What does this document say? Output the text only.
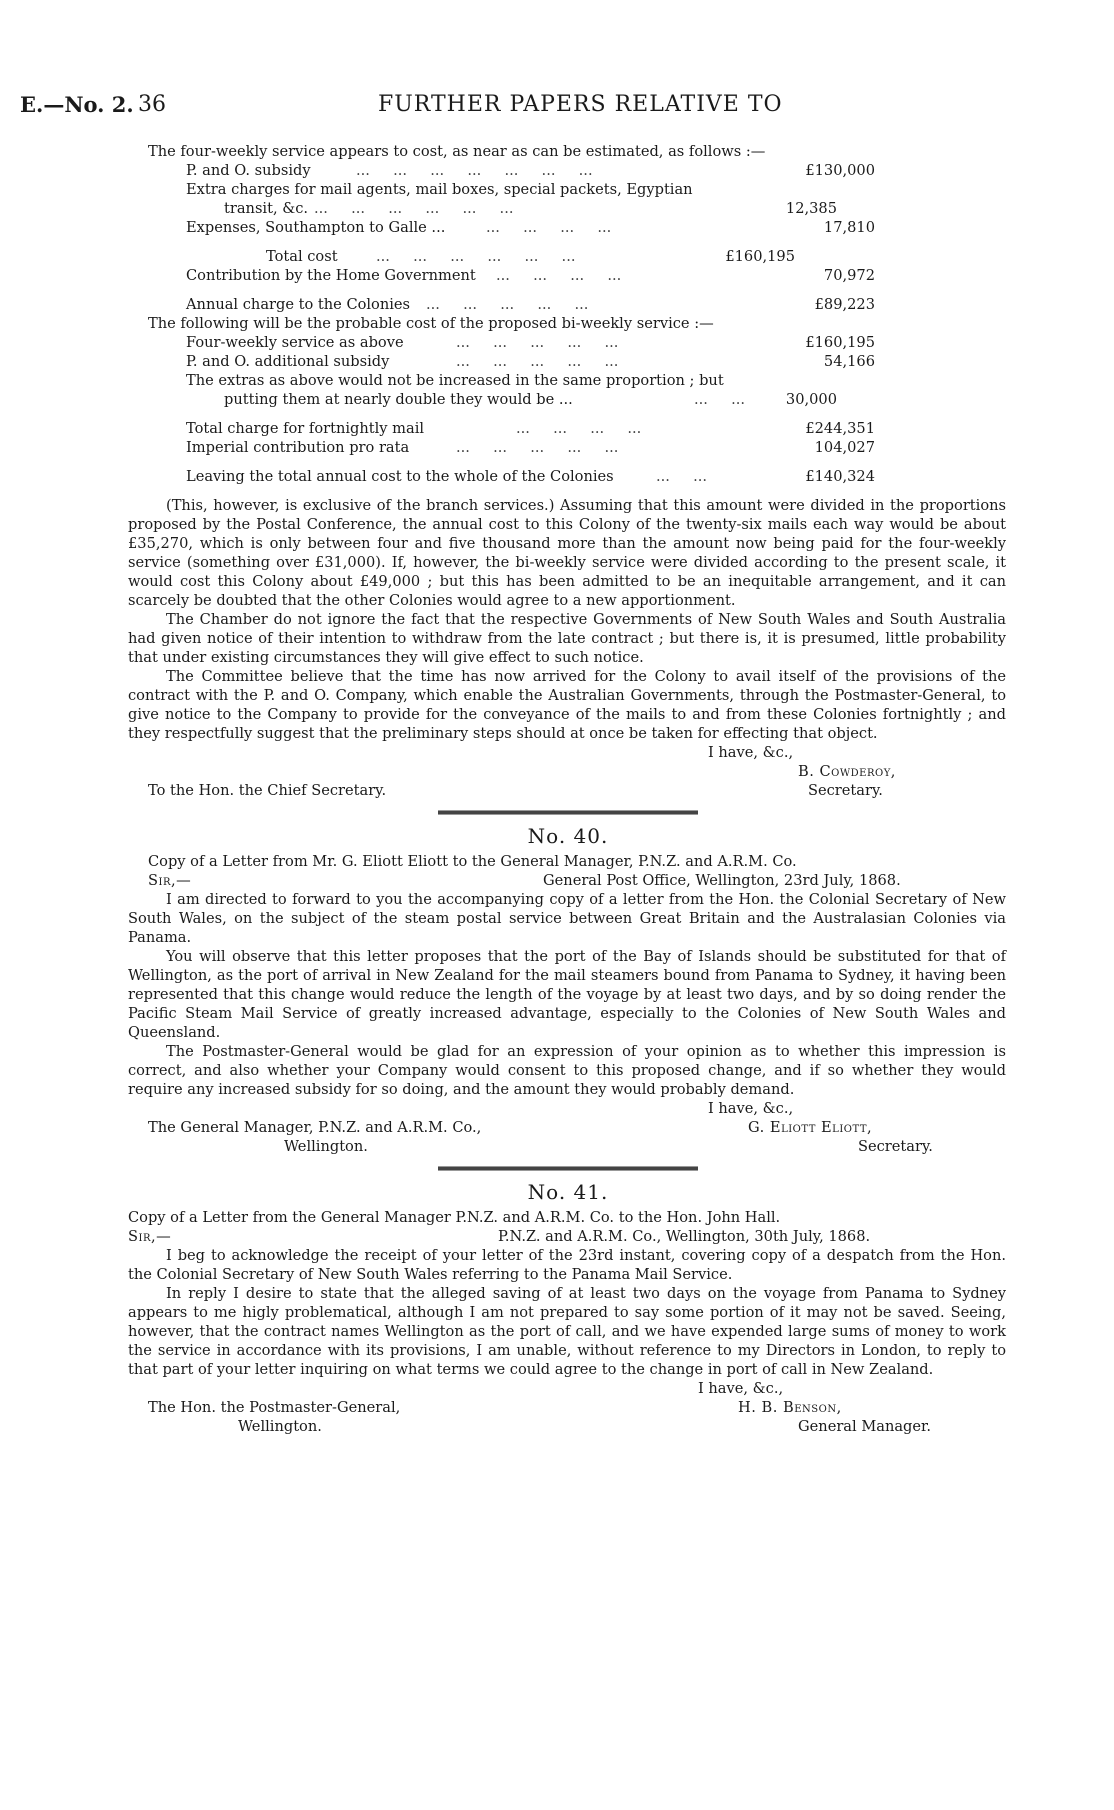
E.—No. 2. 36	FURTHER PAPERS RELATIVE TO
The four-weekly service appears to cost, as near as can be estimated, as follows :—
P. and O. subsidy	...     ...     ...     ...     ...     ...     ...	£130,000
Extra charges for mail agents, mail boxes, special packets, Egyptian
transit, &c. ...     ...     ...     ...     ...     ...	12,385
Expenses, Southampton to Galle ...	...     ...     ...     ...	17,810
Total cost	...     ...     ...     ...     ...     ...	£160,195
Contribution by the Home Government ...     ...     ...     ...	70,972
Annual charge to the Colonies ...     ...     ...     ...     ...	£89,223
The following will be the probable cost of the proposed bi-weekly service :—
Four-weekly service as above	...     ...     ...     ...     ...	£160,195
P. and O. additional subsidy	...     ...     ...     ...     ...	54,166
The extras as above would not be increased in the same proportion ; but
putting them at nearly double they would be ...	...     ...	30,000
Total charge for fortnightly mail	...     ...     ...     ...	£244,351
Imperial contribution pro rata	...     ...     ...     ...     ...	104,027
Leaving the total annual cost to the whole of the Colonies	...     ...	£140,324

(This, however, is exclusive of the branch services.) Assuming that this amount were divided in the proportions proposed by the Postal Conference, the annual cost to this Colony of the twenty-six mails each way would be about £35,270, which is only between four and five thousand more than the amount now being paid for the four-weekly service (something over £31,000). If, however, the bi-weekly service were divided according to the present scale, it would cost this Colony about £49,000 ; but this has been admitted to be an inequitable arrangement, and it can scarcely be doubted that the other Colonies would agree to a new apportionment.

The Chamber do not ignore the fact that the respective Governments of New South Wales and South Australia had given notice of their intention to withdraw from the late contract ; but there is, it is presumed, little probability that under existing circumstances they will give effect to such notice.

The Committee believe that the time has now arrived for the Colony to avail itself of the provisions of the contract with the P. and O. Company, which enable the Australian Governments, through the Postmaster-General, to give notice to the Company to provide for the conveyance of the mails to and from these Colonies fortnightly ; and they respectfully suggest that the preliminary steps should at once be taken for effecting that object.

I have, &c.,
B. Cowderoy,
To the Hon. the Chief Secretary.	Secretary.
No. 40.
Copy of a Letter from Mr. G. Eliott Eliott to the General Manager, P.N.Z. and A.R.M. Co.
Sir,—	General Post Office, Wellington, 23rd July, 1868.

I am directed to forward to you the accompanying copy of a letter from the Hon. the Colonial Secretary of New South Wales, on the subject of the steam postal service between Great Britain and the Australasian Colonies via Panama.

You will observe that this letter proposes that the port of the Bay of Islands should be substituted for that of Wellington, as the port of arrival in New Zealand for the mail steamers bound from Panama to Sydney, it having been represented that this change would reduce the length of the voyage by at least two days, and by so doing render the Pacific Steam Mail Service of greatly increased advantage, especially to the Colonies of New South Wales and Queensland.

The Postmaster-General would be glad for an expression of your opinion as to whether this impression is correct, and also whether your Company would consent to this proposed change, and if so whether they would require any increased subsidy for so doing, and the amount they would probably demand.

I have, &c.,
The General Manager, P.N.Z. and A.R.M. Co.,	G. Eliott Eliott,
Wellington.	Secretary.
No. 41.
Copy of a Letter from the General Manager P.N.Z. and A.R.M. Co. to the Hon. John Hall.
Sir,—	P.N.Z. and A.R.M. Co., Wellington, 30th July, 1868.

I beg to acknowledge the receipt of your letter of the 23rd instant, covering copy of a despatch from the Hon. the Colonial Secretary of New South Wales referring to the Panama Mail Service.

In reply I desire to state that the alleged saving of at least two days on the voyage from Panama to Sydney appears to me higly problematical, although I am not prepared to say some portion of it may not be saved. Seeing, however, that the contract names Wellington as the port of call, and we have expended large sums of money to work the service in accordance with its provisions, I am unable, without reference to my Directors in London, to reply to that part of your letter inquiring on what terms we could agree to the change in port of call in New Zealand.

I have, &c.,
The Hon. the Postmaster-General,	H. B. Benson,
Wellington.	General Manager.
